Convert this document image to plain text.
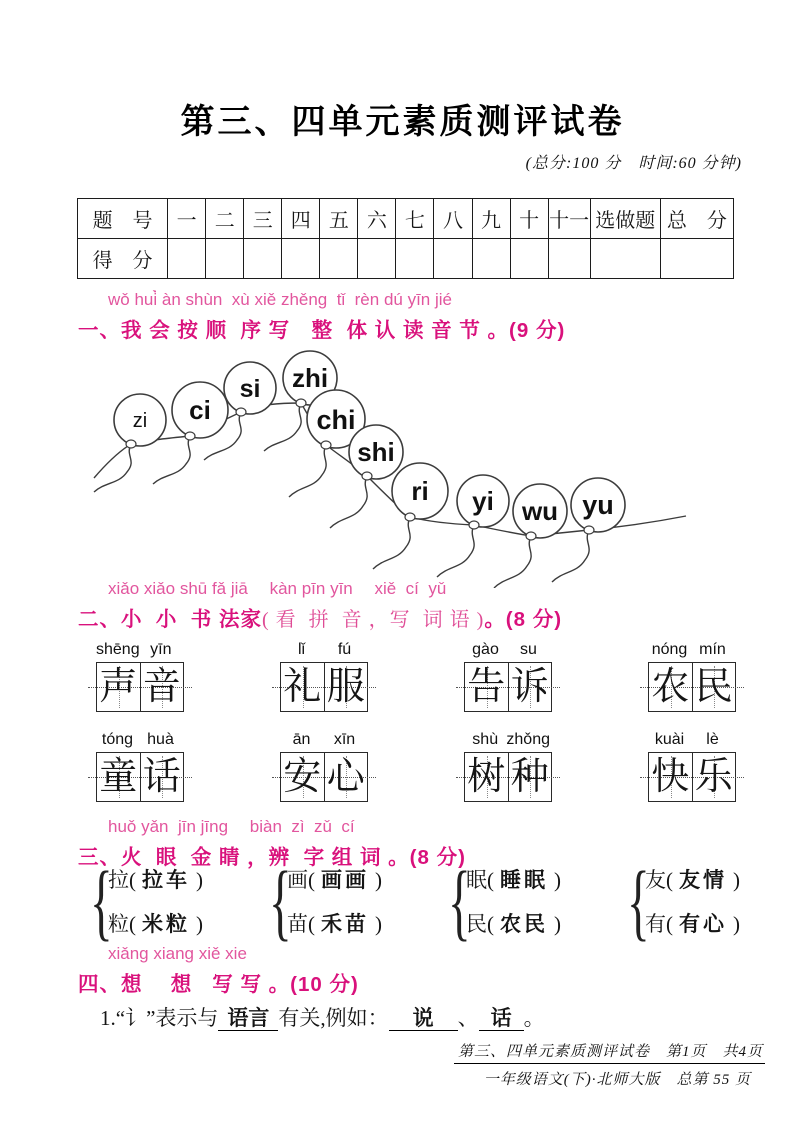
第三、四单元素质测评试卷
(总分:100 分　时间:60 分钟)
题　号	一	二	三	四	五	六	七	八	九	十	十一	选做题	总　分
得　分													
wǒ hui̇̀ àn shùn  xù xiě zhěng  tǐ  rèn dú yīn jié
一、我 会 按 顺  序 写　整  体 认 读 音 节 。(9 分)
zi ci
si zhi
chi
shi
ri yi wu yu
xiǎo xiǎo shū fǎ jiā　 kàn pīn yīn　 xiě  cí  yǔ
二、小  小  书 法家( 看  拼  音 ，写  词 语 )。(8 分)
shēng yīn
声 音
lǐ	fú
礼 服
gào	su
告 诉
nóng mín
农 民
tóng huà
童 话
ān	xīn
安 心
shù zhǒng
树 种
kuài	lè
快 乐
huǒ yǎn  jīn jīng　 biàn  zì  zǔ  cí
三、火  眼  金 睛 ，辨  字 组 词 。(8 分)
{
拉( 拉车 )
粒( 米粒 ) {
画( 画画 )
苗( 禾苗 ) {
眠( 睡眠 )
民( 农民 ) {
友( 友情 )
有( 有心 )
xiǎng xiang xiě xie
四、想　 想   写 写 。(10 分)
1.“讠”表示与 语言 有关,例如： 说 、 话 。
第三、四单元素质测评试卷　第1页　共4页
一年级语文(下)·北师大版　总第 55 页
